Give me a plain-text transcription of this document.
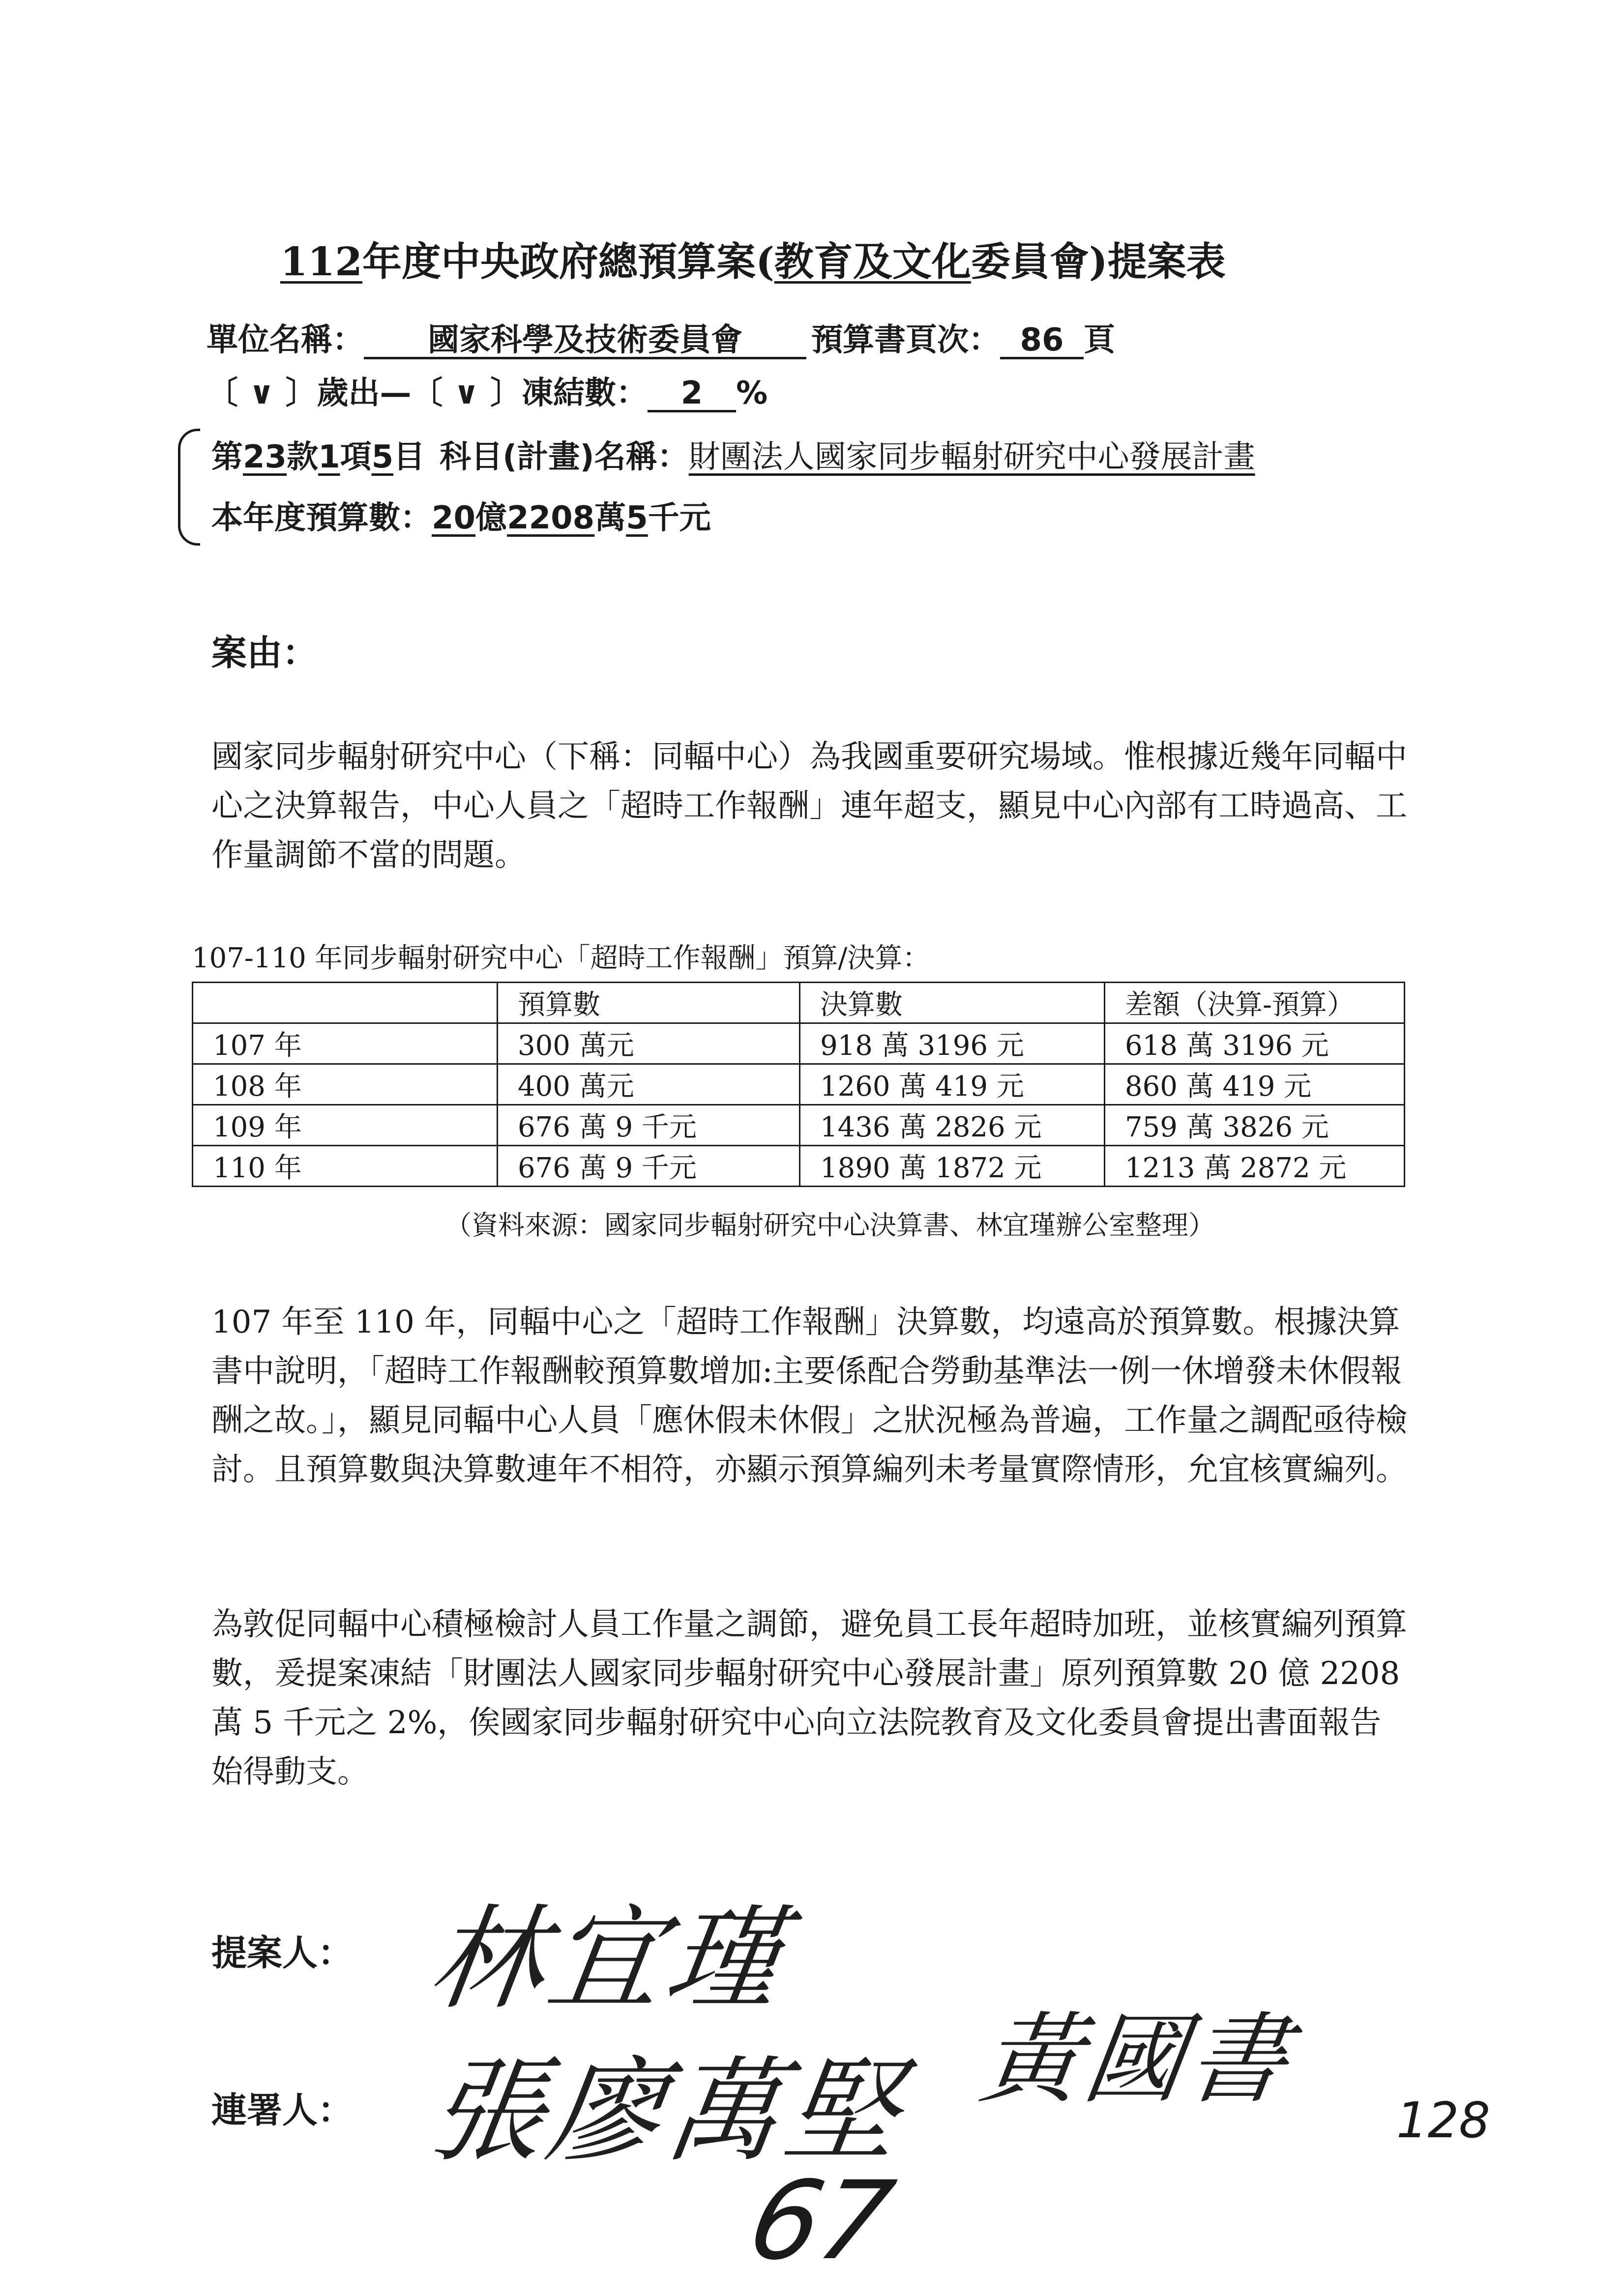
112年度中央政府總預算案(教育及文化委員會)提案表
單位名稱： 國家科學及技術委員會 預算書頁次： 86 頁
〔 ∨ 〕歲出—〔 ∨ 〕凍結數： 2 %
第23款1項5目 科目(計畫)名稱：財團法人國家同步輻射研究中心發展計畫
本年度預算數：20億2208萬5千元
案由：
國家同步輻射研究中心（下稱：同輻中心）為我國重要研究場域。惟根據近幾年同輻中心之決算報告，中心人員之「超時工作報酬」連年超支，顯見中心內部有工時過高、工作量調節不當的問題。
107-110 年同步輻射研究中心「超時工作報酬」預算/決算：
	預算數	決算數	差額（決算-預算）
107 年	300 萬元	918 萬 3196 元	618 萬 3196 元
108 年	400 萬元	1260 萬 419 元	860 萬 419 元
109 年	676 萬 9 千元	1436 萬 2826 元	759 萬 3826 元
110 年	676 萬 9 千元	1890 萬 1872 元	1213 萬 2872 元
（資料來源：國家同步輻射研究中心決算書、林宜瑾辦公室整理）
107 年至 110 年，同輻中心之「超時工作報酬」決算數，均遠高於預算數。根據決算書中說明，「超時工作報酬較預算數增加:主要係配合勞動基準法一例一休增發未休假報酬之故。」，顯見同輻中心人員「應休假未休假」之狀況極為普遍，工作量之調配亟待檢討。且預算數與決算數連年不相符，亦顯示預算編列未考量實際情形，允宜核實編列。
為敦促同輻中心積極檢討人員工作量之調節，避免員工長年超時加班，並核實編列預算數，爰提案凍結「財團法人國家同步輻射研究中心發展計畫」原列預算數 20 億 2208 萬 5 千元之 2%，俟國家同步輻射研究中心向立法院教育及文化委員會提出書面報告始得動支。
提案人：
連署人：
林宜瑾
張廖萬堅 黃國書
67
128
